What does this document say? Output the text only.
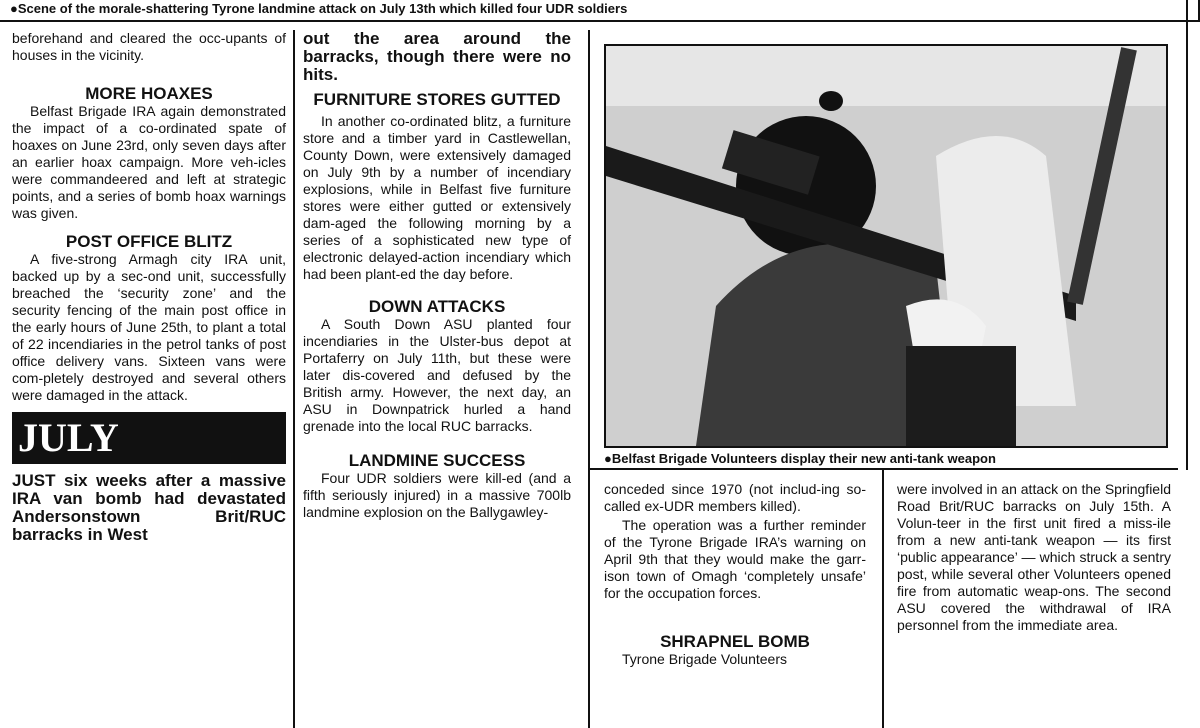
●Scene of the morale-shattering Tyrone landmine attack on July 13th which killed four UDR soldiers

beforehand and cleared the occ-upants of houses in the vicinity.

MORE HOAXES

Belfast Brigade IRA again demonstrated the impact of a co-ordinated spate of hoaxes on June 23rd, only seven days after an earlier hoax campaign. More veh-icles were commandeered and left at strategic points, and a series of bomb hoax warnings was given.

POST OFFICE BLITZ

A five-strong Armagh city IRA unit, backed up by a sec-ond unit, successfully breached the ‘security zone’ and the security fencing of the main post office in the early hours of June 25th, to plant a total of 22 incendiaries in the petrol tanks of post office delivery vans. Sixteen vans were com-pletely destroyed and several others were damaged in the attack.

JULY

JUST six weeks after a massive IRA van bomb had devastated Andersonstown Brit/RUC barracks in West

out the area around the barracks, though there were no hits.

FURNITURE STORES GUTTED

In another co-ordinated blitz, a furniture store and a timber yard in Castlewellan, County Down, were extensively damaged on July 9th by a number of incendiary explosions, while in Belfast five furniture stores were either gutted or extensively dam-aged the following morning by a series of a sophisticated new type of electronic delayed-action incendiary which had been plant-ed the day before.

DOWN ATTACKS

A South Down ASU planted four incendiaries in the Ulster-bus depot at Portaferry on July 11th, but these were later dis-covered and defused by the British army. However, the next day, an ASU in Downpatrick hurled a hand grenade into the local RUC barracks.

LANDMINE SUCCESS

Four UDR soldiers were kill-ed (and a fifth seriously injured) in a massive 700lb landmine explosion on the Ballygawley-

●Belfast Brigade Volunteers display their new anti-tank weapon

conceded since 1970 (not includ-ing so-called ex-UDR members killed).

The operation was a further reminder of the Tyrone Brigade IRA’s warning on April 9th that they would make the garr-ison town of Omagh ‘completely unsafe’ for the occupation forces.

SHRAPNEL BOMB

Tyrone Brigade Volunteers

were involved in an attack on the Springfield Road Brit/RUC barracks on July 15th. A Volun-teer in the first unit fired a miss-ile from a new anti-tank weapon — its first ‘public appearance’ — which struck a sentry post, while several other Volunteers opened fire from automatic weap-ons. The second ASU covered the withdrawal of IRA personnel from the immediate area.
